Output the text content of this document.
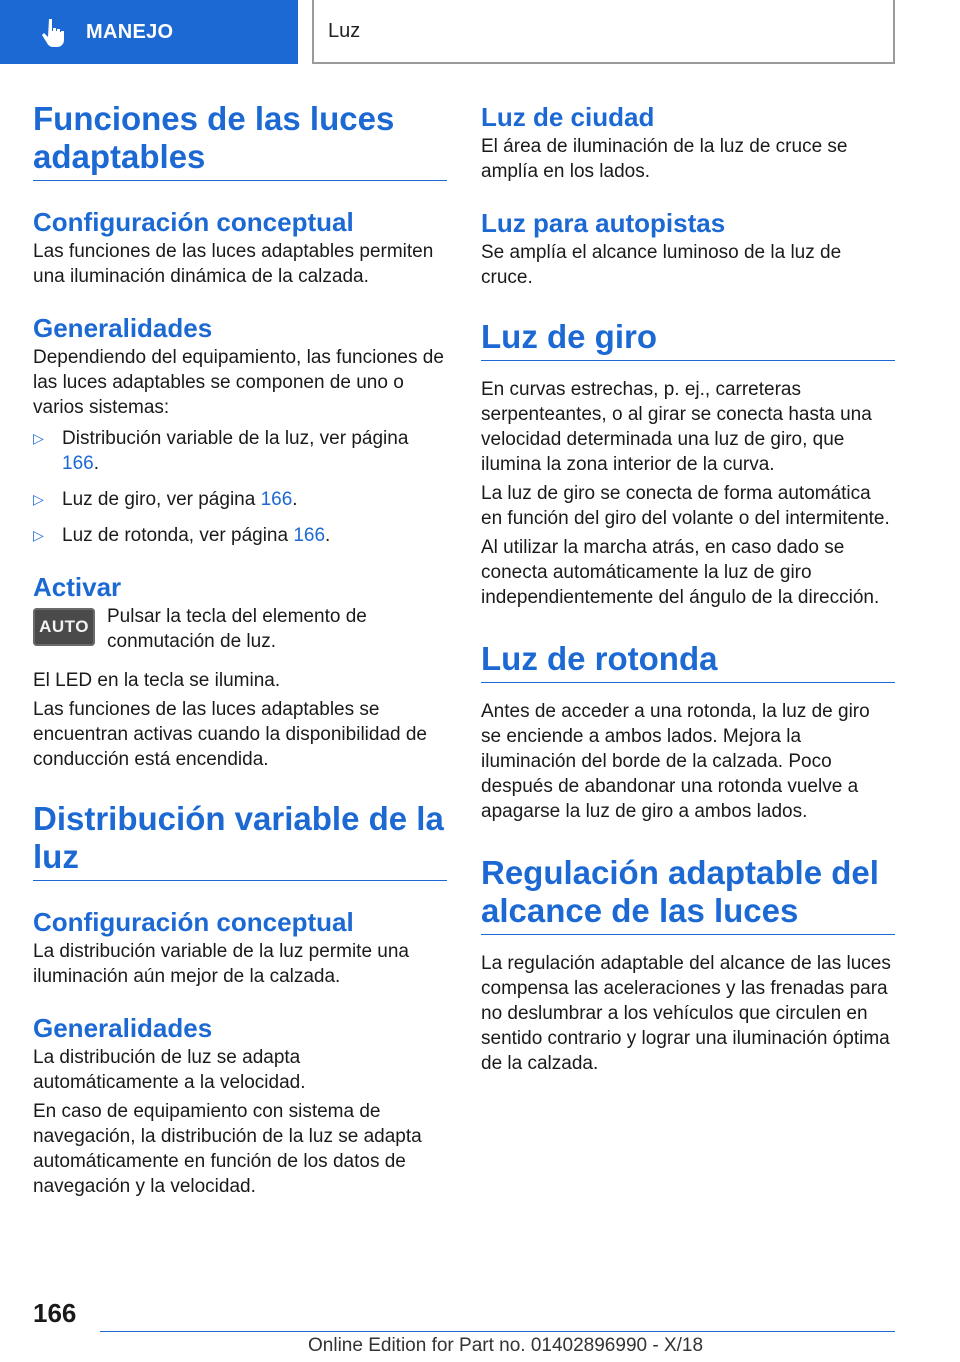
MANEJO	Luz
Funciones de las luces adaptables
Configuración conceptual

Las funciones de las luces adaptables permiten una iluminación dinámica de la calzada.

Generalidades

Dependiendo del equipamiento, las funciones de las luces adaptables se componen de uno o varios sistemas:

▷ Distribución variable de la luz, ver página 166.
▷ Luz de giro, ver página 166.
▷ Luz de rotonda, ver página 166.
Activar
AUTO Pulsar la tecla del elemento de conmutación de luz.

El LED en la tecla se ilumina.

Las funciones de las luces adaptables se encuentran activas cuando la disponibilidad de conducción está encendida.

Distribución variable de la luz
Configuración conceptual

La distribución variable de la luz permite una iluminación aún mejor de la calzada.

Generalidades

La distribución de luz se adapta automáticamente a la velocidad.

En caso de equipamiento con sistema de navegación, la distribución de la luz se adapta automáticamente en función de los datos de navegación y la velocidad.

Luz de ciudad

El área de iluminación de la luz de cruce se amplía en los lados.

Luz para autopistas

Se amplía el alcance luminoso de la luz de cruce.

Luz de giro

En curvas estrechas, p. ej., carreteras serpenteantes, o al girar se conecta hasta una velocidad determinada una luz de giro, que ilumina la zona interior de la curva.

La luz de giro se conecta de forma automática en función del giro del volante o del intermitente.

Al utilizar la marcha atrás, en caso dado se conecta automáticamente la luz de giro independientemente del ángulo de la dirección.

Luz de rotonda

Antes de acceder a una rotonda, la luz de giro se enciende a ambos lados. Mejora la iluminación del borde de la calzada. Poco después de abandonar una rotonda vuelve a apagarse la luz de giro a ambos lados.

Regulación adaptable del alcance de las luces

La regulación adaptable del alcance de las luces compensa las aceleraciones y las frenadas para no deslumbrar a los vehículos que circulen en sentido contrario y lograr una iluminación óptima de la calzada.

166
Online Edition for Part no. 01402896990 - X/18
